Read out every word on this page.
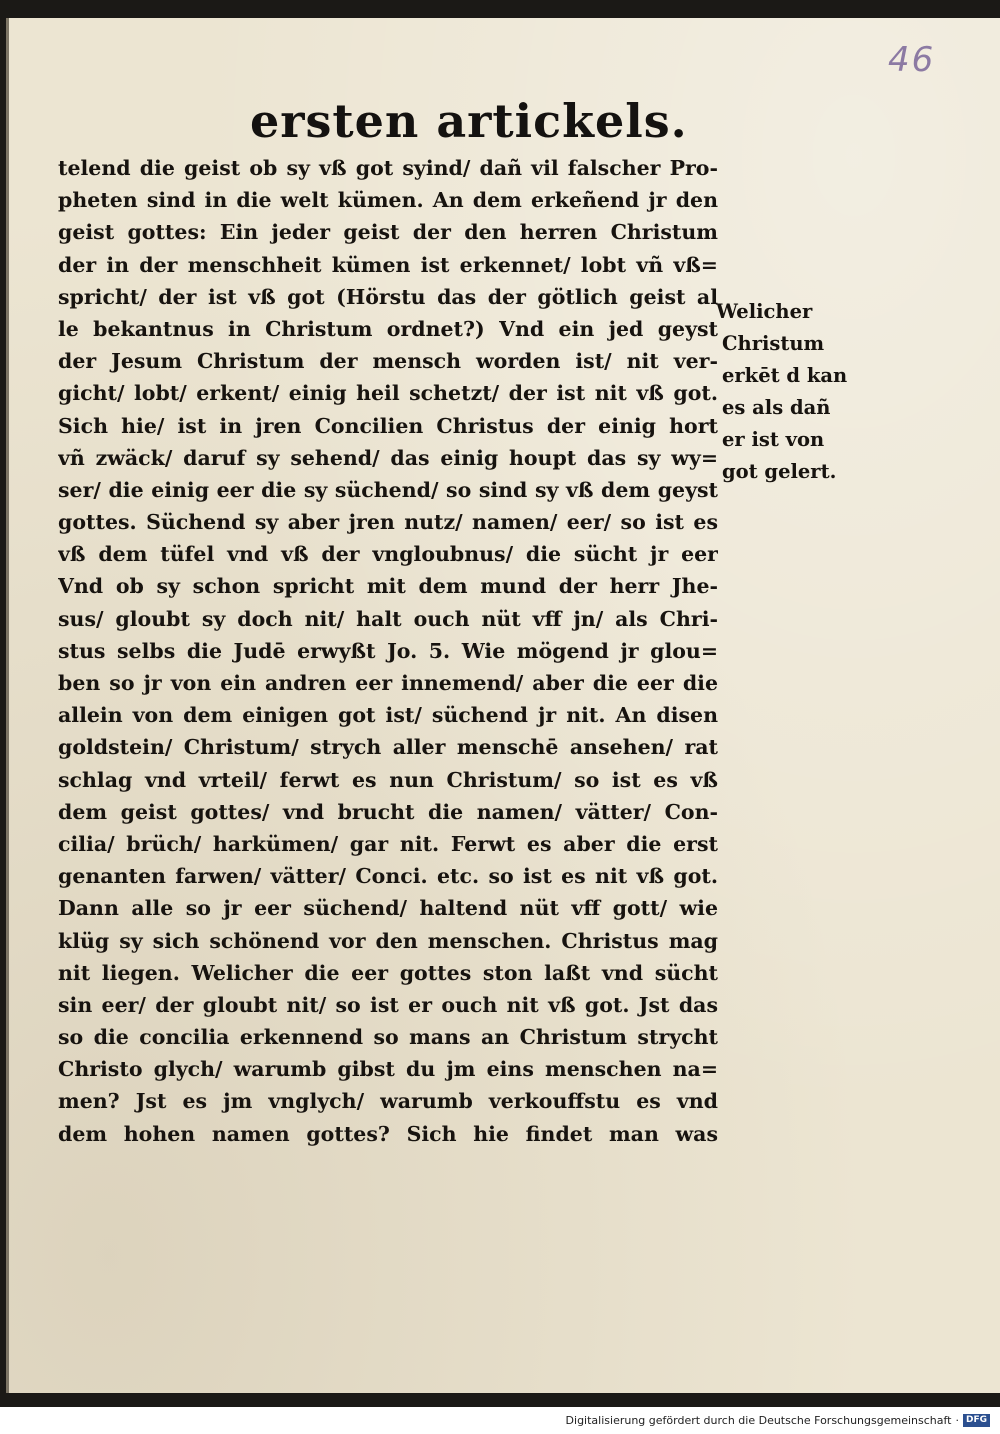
46
ersten artickels.
telend die geist ob sy vß got syind/ dañ vil falscher Pro-
pheten sind in die welt kümen. An dem erkeñend jr den
geist gottes: Ein jeder geist der den herren Christum
der in der menschheit kümen ist erkennet/ lobt vñ vß=
spricht/ der ist vß got (Hörstu das der götlich geist al
le bekantnus in Christum ordnet?) Vnd ein jed geyst
der Jesum Christum der mensch worden ist/ nit ver-
gicht/ lobt/ erkent/ einig heil schetzt/ der ist nit vß got.
Sich hie/ ist in jren Concilien Christus der einig hort
vñ zwäck/ daruf sy sehend/ das einig houpt das sy wy=
ser/ die einig eer die sy süchend/ so sind sy vß dem geyst
gottes. Süchend sy aber jren nutz/ namen/ eer/ so ist es
vß dem tüfel vnd vß der vngloubnus/ die sücht jr eer
Vnd ob sy schon spricht mit dem mund der herr Jhe-
sus/ gloubt sy doch nit/ halt ouch nüt vff jn/ als Chri-
stus selbs die Judē erwyßt Jo. 5. Wie mögend jr glou=
ben so jr von ein andren eer innemend/ aber die eer die
allein von dem einigen got ist/ süchend jr nit. An disen
goldstein/ Christum/ strych aller menschē ansehen/ rat
schlag vnd vrteil/ ferwt es nun Christum/ so ist es vß
dem geist gottes/ vnd brucht die namen/ vätter/ Con-
cilia/ brüch/ harkümen/ gar nit. Ferwt es aber die erst
genanten farwen/ vätter/ Conci. etc. so ist es nit vß got.
Dann alle so jr eer süchend/ haltend nüt vff gott/ wie
klüg sy sich schönend vor den menschen. Christus mag
nit liegen. Welicher die eer gottes ston laßt vnd sücht
sin eer/ der gloubt nit/ so ist er ouch nit vß got. Jst das
so die concilia erkennend so mans an Christum strycht
Christo glych/ warumb gibst du jm eins menschen na=
men? Jst es jm vnglych/ warumb verkouffstu es vnd
dem hohen namen gottes? Sich hie findet man was
Welicher
Christum
erkēt d kan
es als dañ
er ist von
got gelert.
Digitalisierung gefördert durch die Deutsche Forschungsgemeinschaft · DFG
